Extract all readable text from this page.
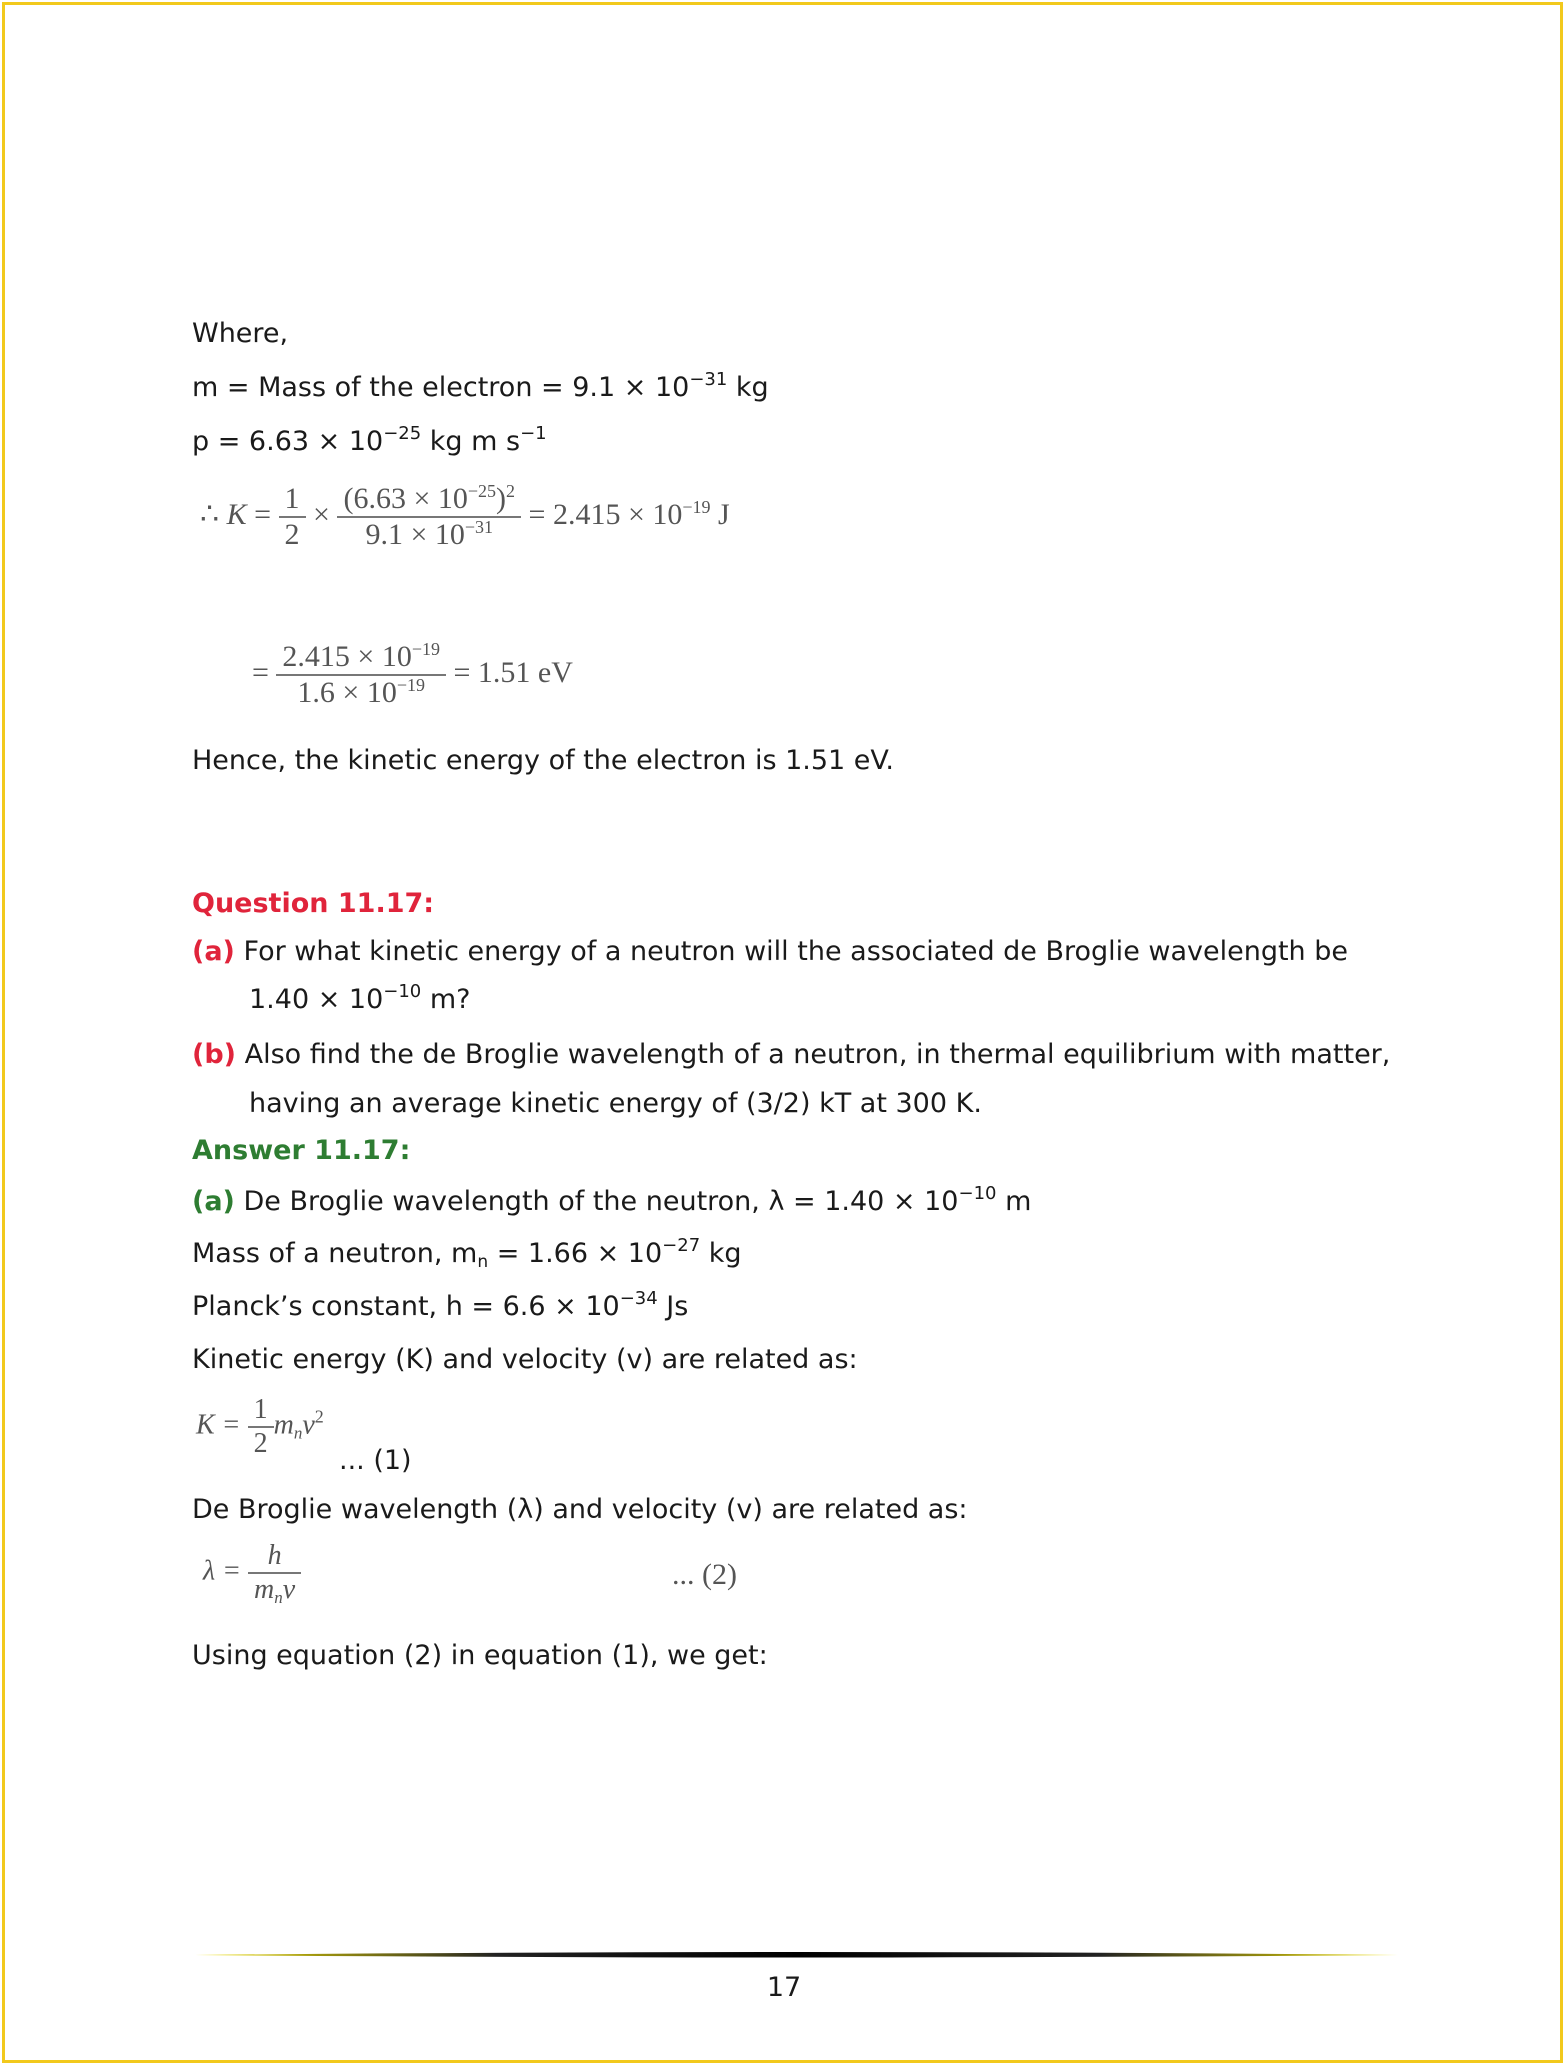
Where,
m = Mass of the electron = $9.1 \times 10^{-31}$ kg
$p = 6.63 \times 10^{-25}$ kg m $s^{-1}$
∴ $K = \frac{1}{2} \times \frac{(6.63 \times 10^{-25})^2}{9.1 \times 10^{-31}} = 2.415 \times 10^{-19}$ J
= $\frac{2.415 \times 10^{-19}}{1.6 \times 10^{-19}} = 1.51$ eV
Hence, the kinetic energy of the electron is 1.51 eV.
Question 11.17:
(a) For what kinetic energy of a neutron will the associated de Broglie wavelength be
$1.40 \times 10^{-10}$ m?
(b) Also find the de Broglie wavelength of a neutron, in thermal equilibrium with matter,
having an average kinetic energy of (3/2) kT at 300 K.
Answer 11.17:
(a) De Broglie wavelength of the neutron, $\lambda = 1.40 \times 10^{-10}$ m
Mass of a neutron, $m_n = 1.66 \times 10^{-27}$ kg
Planck’s constant, $h = 6.6 \times 10^{-34}$ Js
Kinetic energy (K) and velocity (v) are related as:
$K = \frac{1}{2} m_nv^2$
... (1)
De Broglie wavelength (λ) and velocity (v) are related as:
$\lambda = \frac{h}{m_nv}$	... (2)
Using equation (2) in equation (1), we get:
17
